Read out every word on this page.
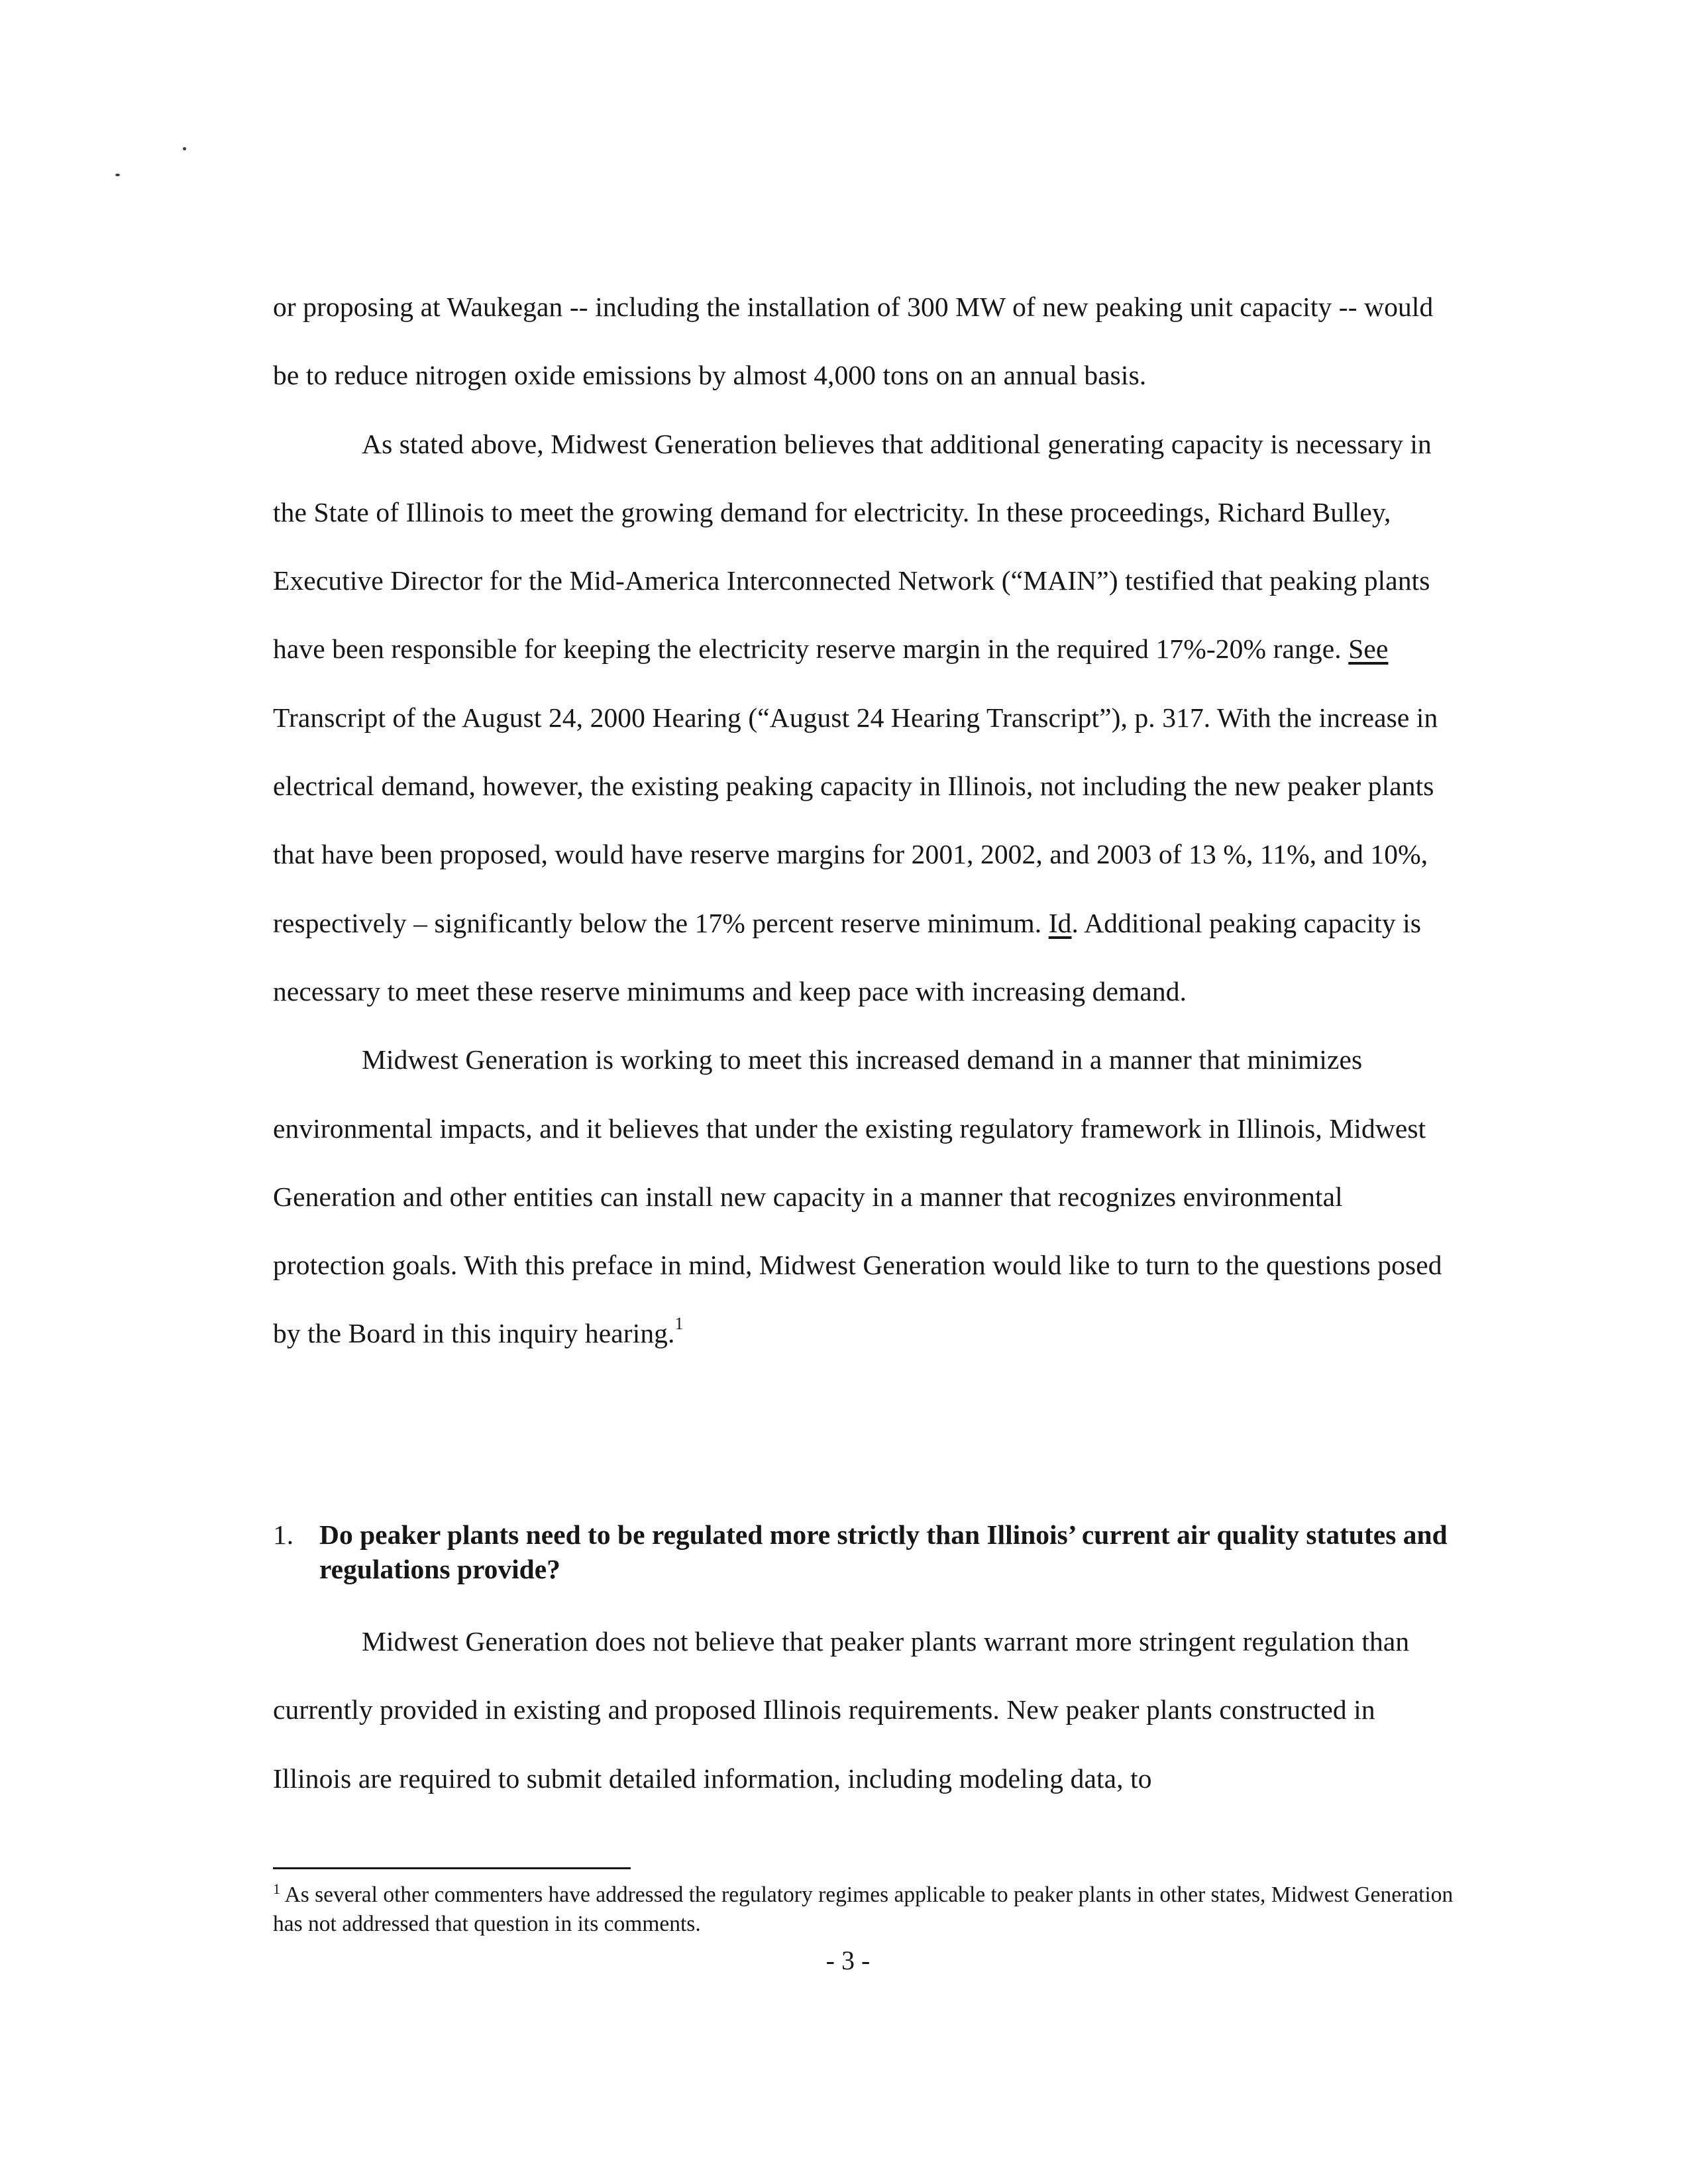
or proposing at Waukegan -- including the installation of 300 MW of new peaking unit capacity -- would be to reduce nitrogen oxide emissions by almost 4,000 tons on an annual basis.

As stated above, Midwest Generation believes that additional generating capacity is necessary in the State of Illinois to meet the growing demand for electricity. In these proceedings, Richard Bulley, Executive Director for the Mid-America Interconnected Network (“MAIN”) testified that peaking plants have been responsible for keeping the electricity reserve margin in the required 17%-20% range. See Transcript of the August 24, 2000 Hearing (“August 24 Hearing Transcript”), p. 317. With the increase in electrical demand, however, the existing peaking capacity in Illinois, not including the new peaker plants that have been proposed, would have reserve margins for 2001, 2002, and 2003 of 13 %, 11%, and 10%, respectively – significantly below the 17% percent reserve minimum. Id. Additional peaking capacity is necessary to meet these reserve minimums and keep pace with increasing demand.

Midwest Generation is working to meet this increased demand in a manner that minimizes environmental impacts, and it believes that under the existing regulatory framework in Illinois, Midwest Generation and other entities can install new capacity in a manner that recognizes environmental protection goals. With this preface in mind, Midwest Generation would like to turn to the questions posed by the Board in this inquiry hearing.$^1$

1. Do peaker plants need to be regulated more strictly than Illinois’ current air quality statutes and regulations provide?

Midwest Generation does not believe that peaker plants warrant more stringent regulation than currently provided in existing and proposed Illinois requirements. New peaker plants constructed in Illinois are required to submit detailed information, including modeling data, to

$^1$ As several other commenters have addressed the regulatory regimes applicable to peaker plants in other states, Midwest Generation has not addressed that question in its comments.
- 3 -
